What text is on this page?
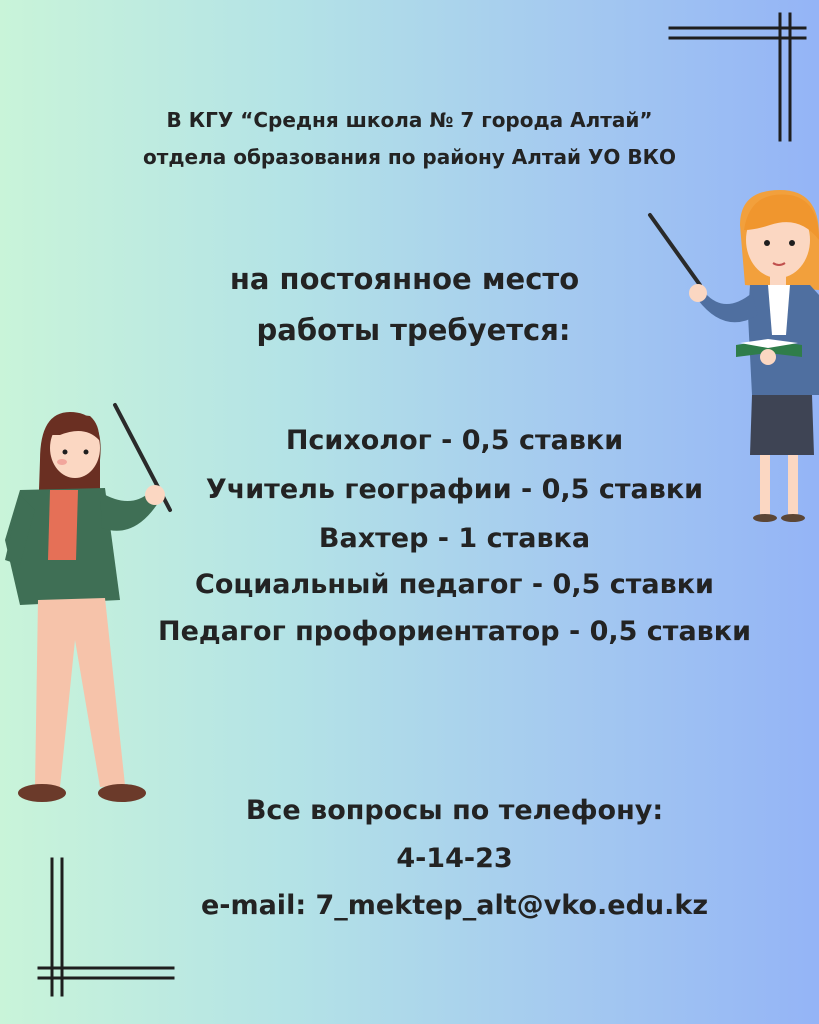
В КГУ “Средня школа № 7 города Алтай”
отдела образования по району Алтай УО ВКО
на постоянное место
работы требуется:
Психолог - 0,5 ставки
Учитель географии - 0,5 ставки
Вахтер - 1 ставка
Социальный педагог - 0,5 ставки
Педагог профориентатор - 0,5 ставки
Все вопросы по телефону:
4-14-23
e-mail: 7_mektep_alt@vko.edu.kz
